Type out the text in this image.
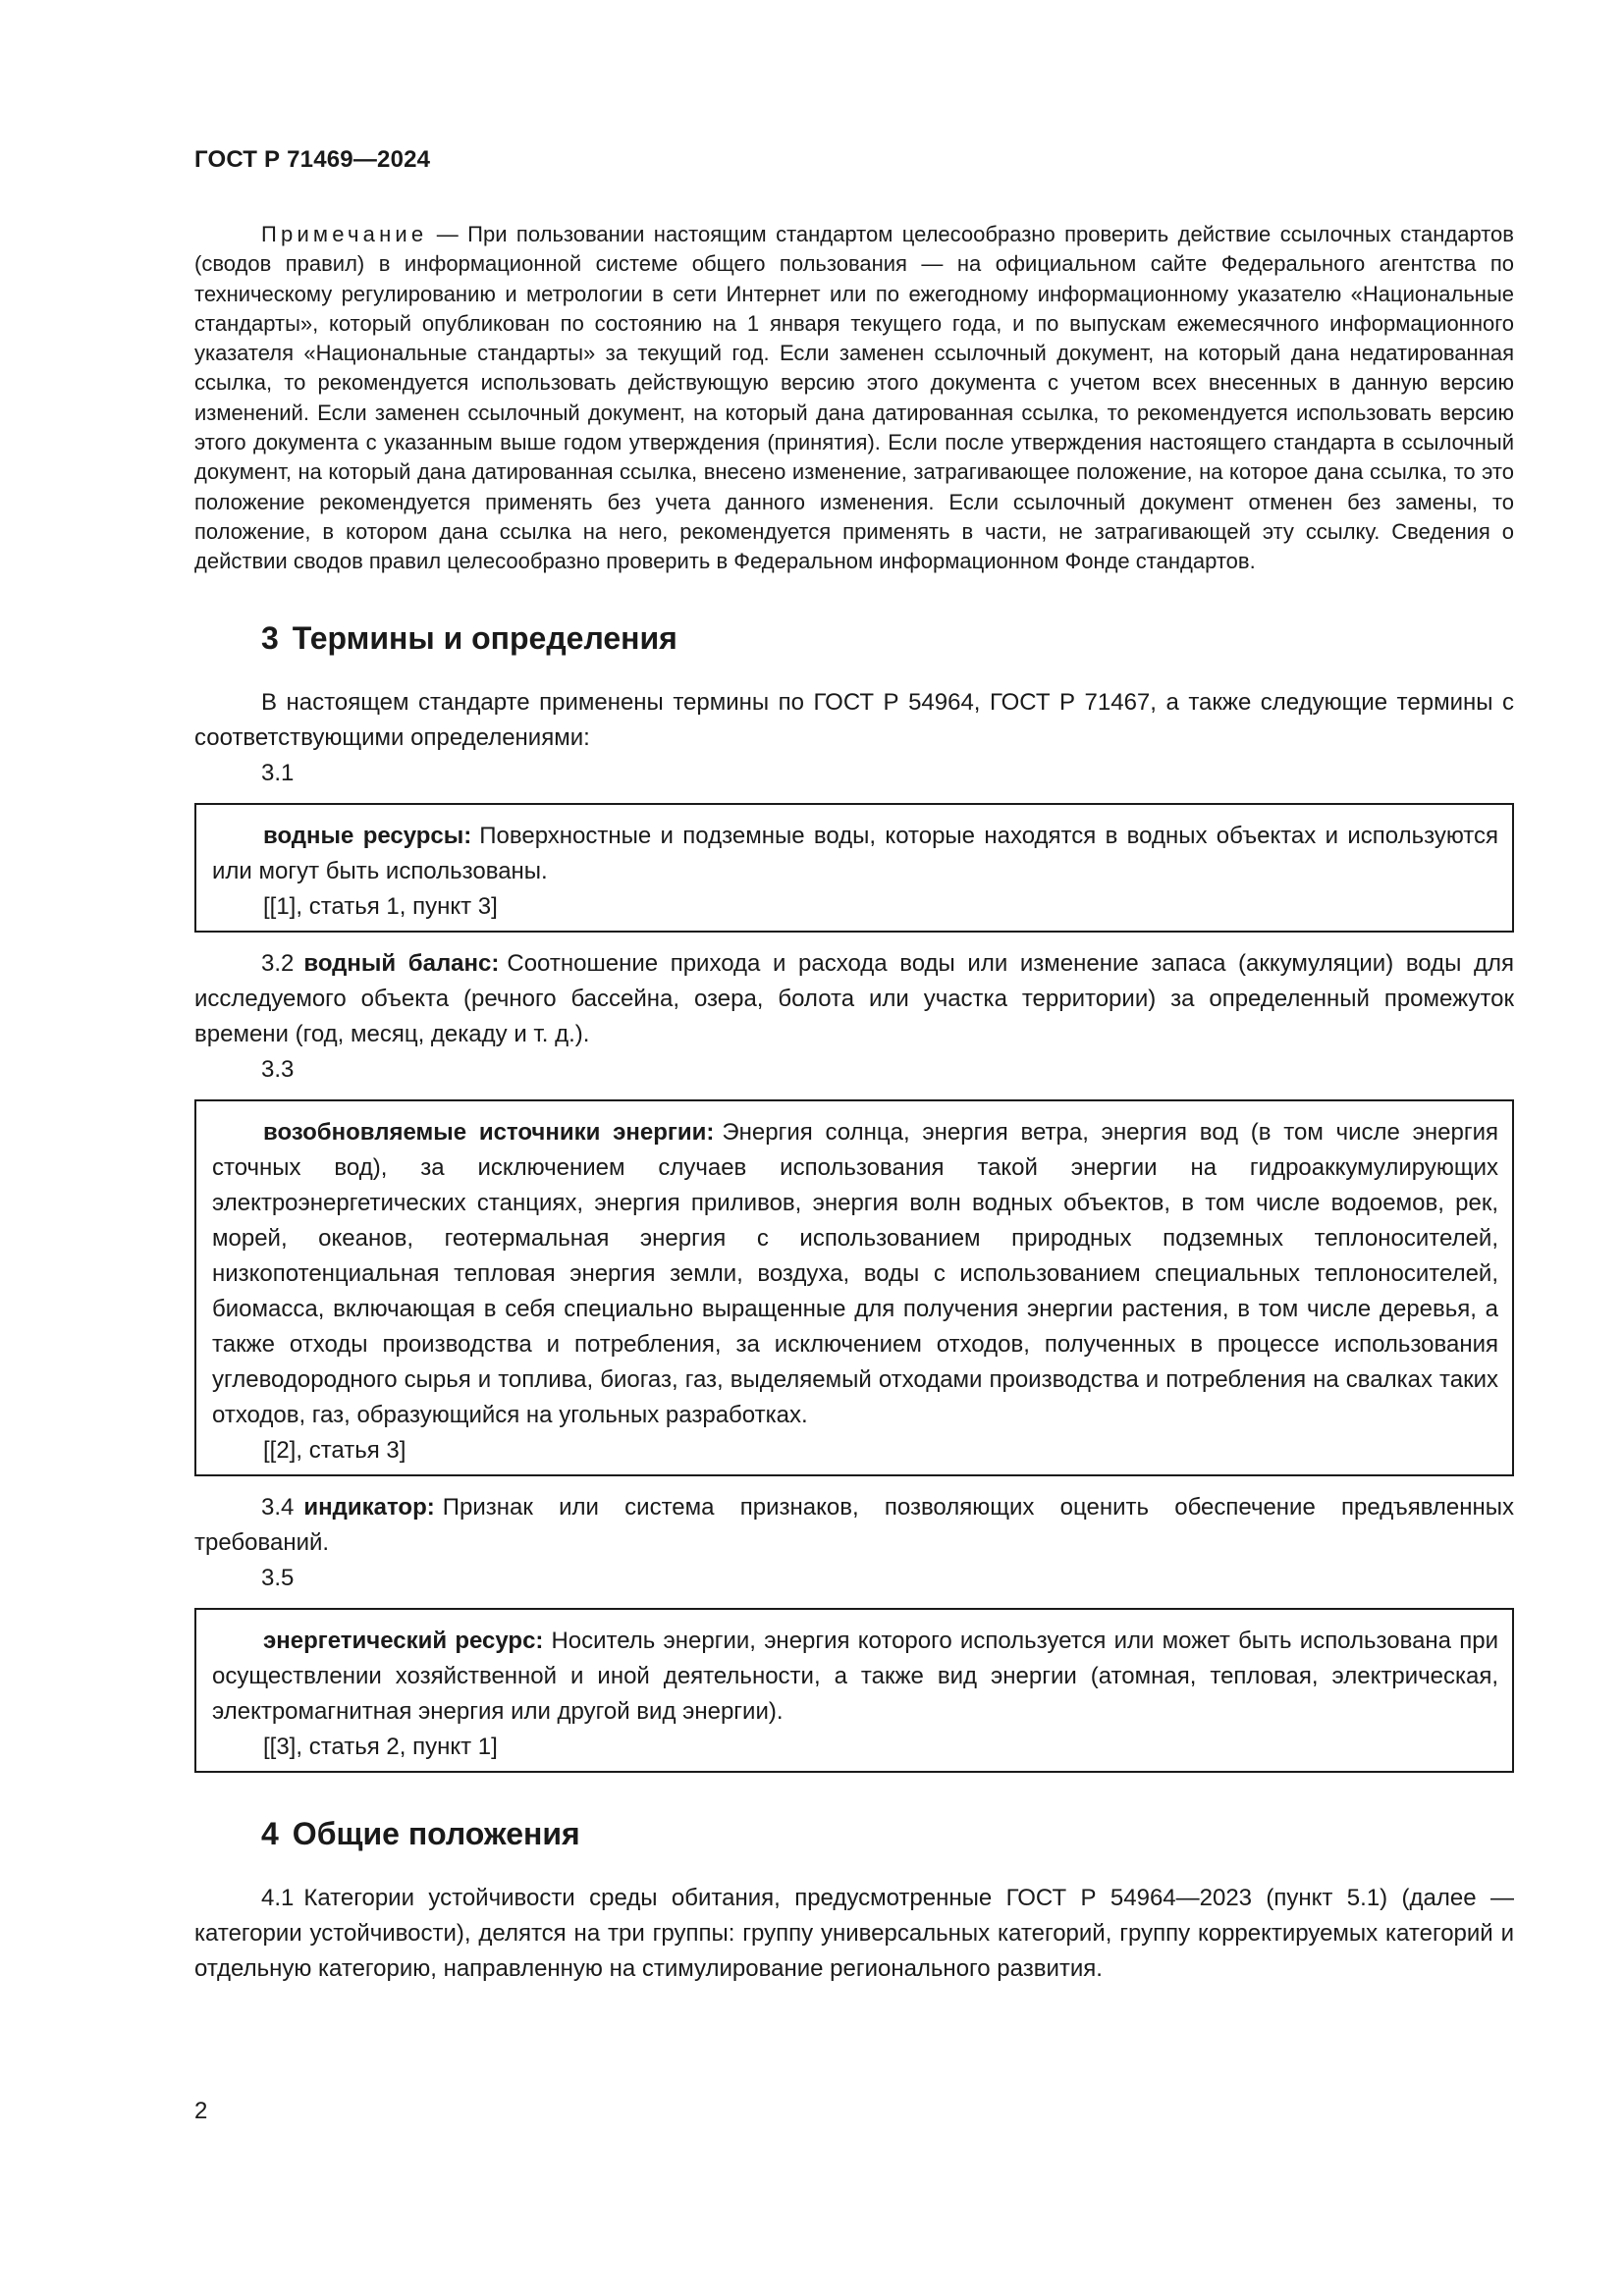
ГОСТ Р 71469—2024

Примечание — При пользовании настоящим стандартом целесообразно проверить действие ссылочных стандартов (сводов правил) в информационной системе общего пользования — на официальном сайте Федерального агентства по техническому регулированию и метрологии в сети Интернет или по ежегодному информационному указателю «Национальные стандарты», который опубликован по состоянию на 1 января текущего года, и по выпускам ежемесячного информационного указателя «Национальные стандарты» за текущий год. Если заменен ссылочный документ, на который дана недатированная ссылка, то рекомендуется использовать действующую версию этого документа с учетом всех внесенных в данную версию изменений. Если заменен ссылочный документ, на который дана датированная ссылка, то рекомендуется использовать версию этого документа с указанным выше годом утверждения (принятия). Если после утверждения настоящего стандарта в ссылочный документ, на который дана датированная ссылка, внесено изменение, затрагивающее положение, на которое дана ссылка, то это положение рекомендуется применять без учета данного изменения. Если ссылочный документ отменен без замены, то положение, в котором дана ссылка на него, рекомендуется применять в части, не затрагивающей эту ссылку. Сведения о действии сводов правил целесообразно проверить в Федеральном информационном Фонде стандартов.

3 Термины и определения

В настоящем стандарте применены термины по ГОСТ Р 54964, ГОСТ Р 71467, а также следующие термины с соответствующими определениями:

3.1

водные ресурсы: Поверхностные и подземные воды, которые находятся в водных объектах и используются или могут быть использованы.

[[1], статья 1, пункт 3]

3.2 водный баланс: Соотношение прихода и расхода воды или изменение запаса (аккумуляции) воды для исследуемого объекта (речного бассейна, озера, болота или участка территории) за определенный промежуток времени (год, месяц, декаду и т. д.).

3.3

возобновляемые источники энергии: Энергия солнца, энергия ветра, энергия вод (в том числе энергия сточных вод), за исключением случаев использования такой энергии на гидроаккумулирующих электроэнергетических станциях, энергия приливов, энергия волн водных объектов, в том числе водоемов, рек, морей, океанов, геотермальная энергия с использованием природных подземных теплоносителей, низкопотенциальная тепловая энергия земли, воздуха, воды с использованием специальных теплоносителей, биомасса, включающая в себя специально выращенные для получения энергии растения, в том числе деревья, а также отходы производства и потребления, за исключением отходов, полученных в процессе использования углеводородного сырья и топлива, биогаз, газ, выделяемый отходами производства и потребления на свалках таких отходов, газ, образующийся на угольных разработках.

[[2], статья 3]

3.4 индикатор: Признак или система признаков, позволяющих оценить обеспечение предъявленных требований.

3.5

энергетический ресурс: Носитель энергии, энергия которого используется или может быть использована при осуществлении хозяйственной и иной деятельности, а также вид энергии (атомная, тепловая, электрическая, электромагнитная энергия или другой вид энергии).

[[3], статья 2, пункт 1]

4 Общие положения

4.1 Категории устойчивости среды обитания, предусмотренные ГОСТ Р 54964—2023 (пункт 5.1) (далее — категории устойчивости), делятся на три группы: группу универсальных категорий, группу корректируемых категорий и отдельную категорию, направленную на стимулирование регионального развития.

2
